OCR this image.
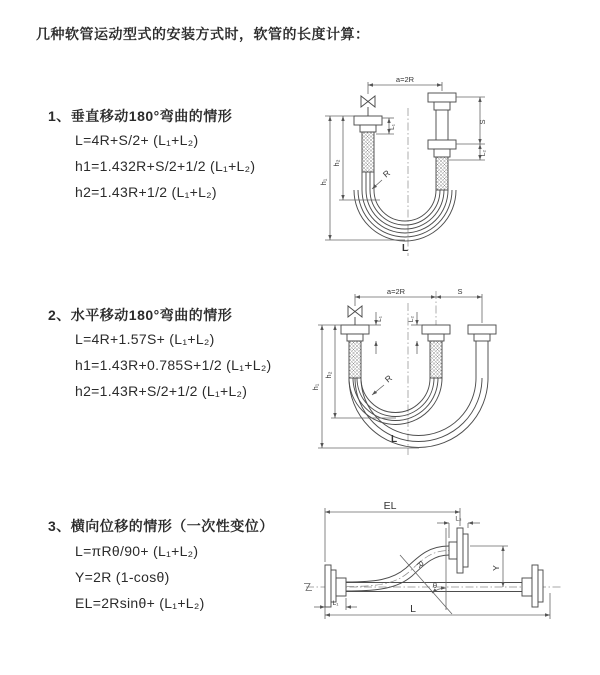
几种软管运动型式的安装方式时，软管的长度计算：
1、垂直移动180°弯曲的情形
L=4R+S/2+ (L₁+L₂)
h1=1.432R+S/2+1/2 (L₁+L₂)
h2=1.43R+1/2 (L₁+L₂)
2、水平移动180°弯曲的情形
L=4R+1.57S+ (L₁+L₂)
h1=1.43R+0.785S+1/2 (L₁+L₂)
h2=1.43R+S/2+1/2 (L₁+L₂)
3、横向位移的情形（一次性变位）
L=πRθ/90+ (L₁+L₂)
Y=2R (1-cosθ)
EL=2Rsinθ+ (L₁+L₂)
a=2R
h₁
h₂
S
L₂
L₁
R
L
a=2R	S
h₁
h₂
L₁	L₂
R
L
EL
L₂
Y
θ
R
L₁	L
